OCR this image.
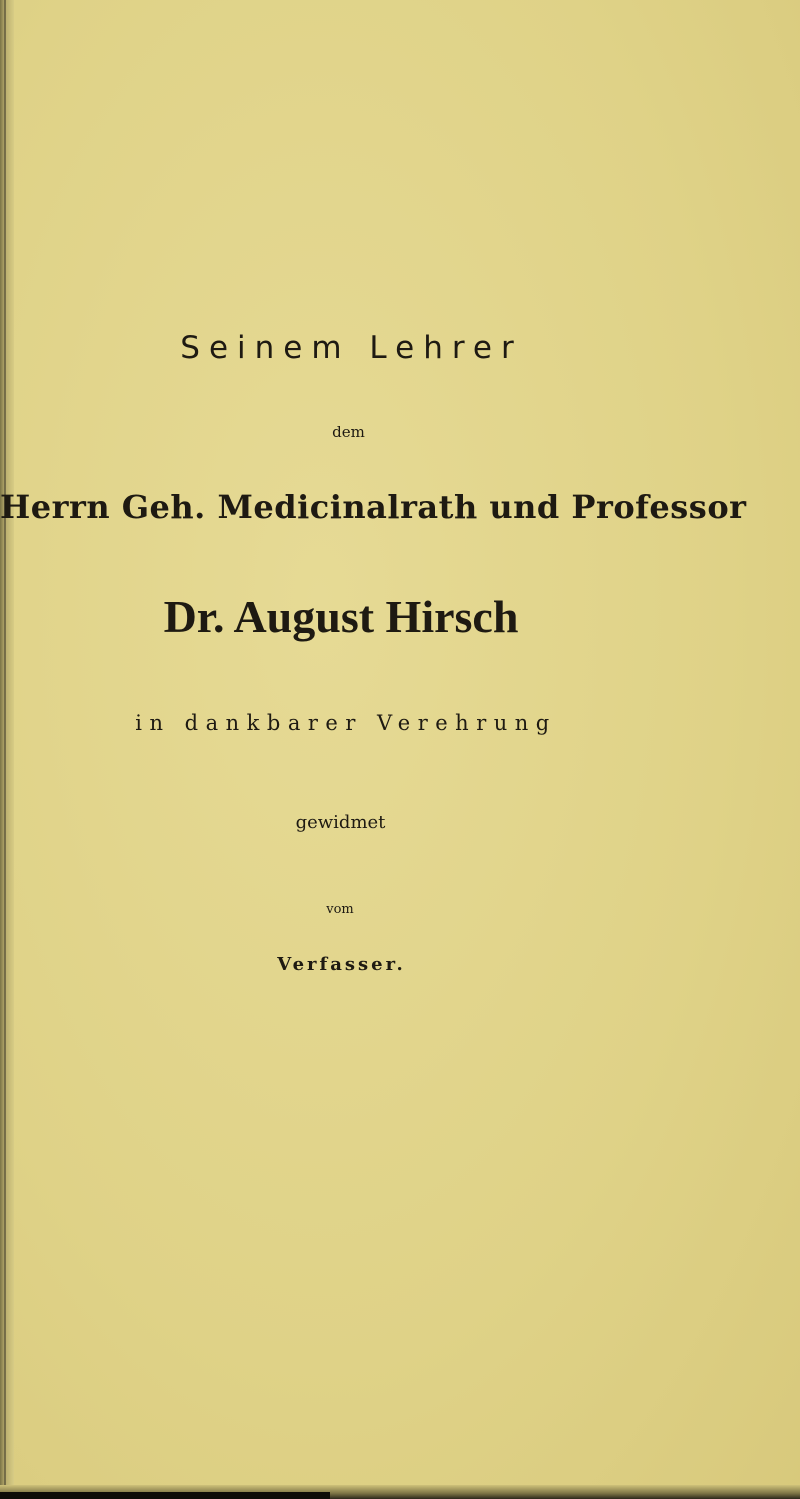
Seinem Lehrer
dem
Herrn Geh. Medicinalrath und Professor
Dr. August Hirsch
in dankbarer Verehrung
gewidmet
vom
Verfasser.
